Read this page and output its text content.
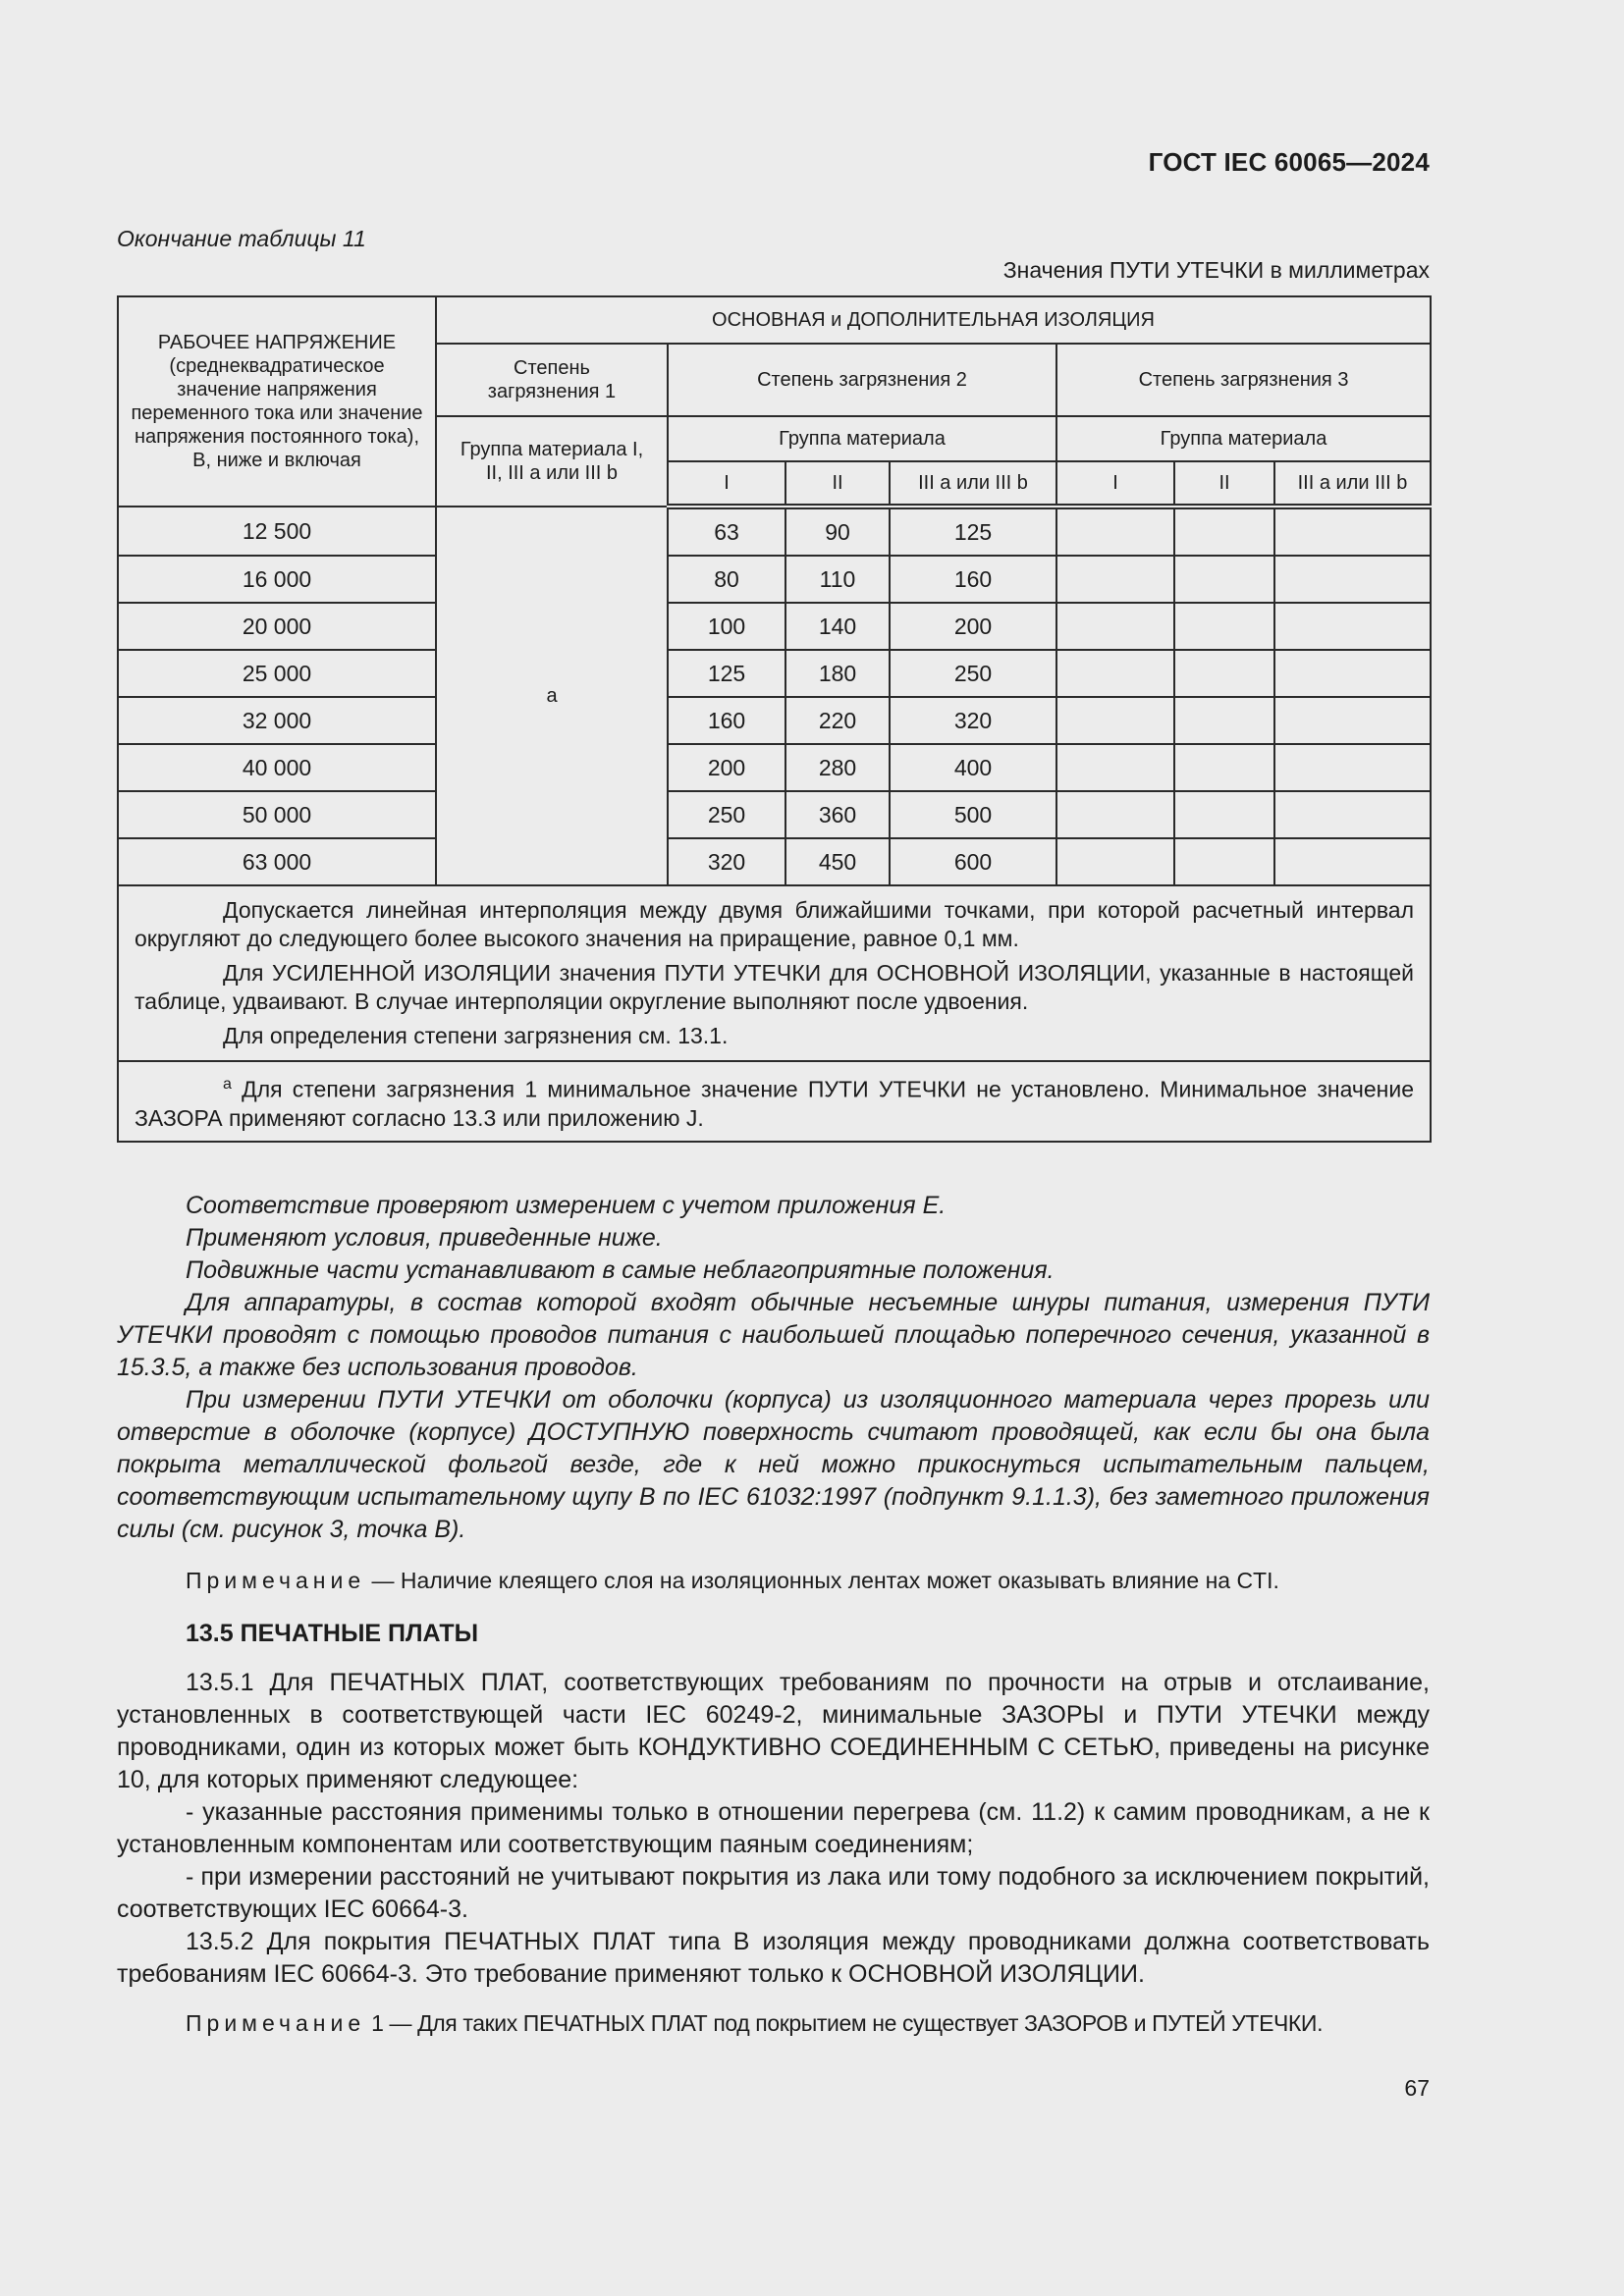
ГОСТ IEC 60065—2024
Окончание таблицы 11
Значения ПУТИ УТЕЧКИ в миллиметрах
РАБОЧЕЕ НАПРЯЖЕНИЕ (среднеквадратическое значение напряжения переменного тока или значение напряжения постоянного тока), В, ниже и включая	ОСНОВНАЯ и ДОПОЛНИТЕЛЬНАЯ ИЗОЛЯЦИЯ						
	Степень загрязнения 1	Степень загрязнения 2			Степень загрязнения 3		
	Группа материала I, II, III a или III b	Группа материала			Группа материала		
		I	II	III a или III b	I	II	III a или III b
12 500	a	63	90	125			
16 000		80	110	160			
20 000		100	140	200			
25 000		125	180	250			
32 000		160	220	320			
40 000		200	280	400			
50 000		250	360	500			
63 000		320	450	600			

Допускается линейная интерполяция между двумя ближайшими точками, при которой расчетный интервал округляют до следующего более высокого значения на приращение, равное 0,1 мм.

Для УСИЛЕННОЙ ИЗОЛЯЦИИ значения ПУТИ УТЕЧКИ для ОСНОВНОЙ ИЗОЛЯЦИИ, указанные в настоящей таблице, удваивают. В случае интерполяции округление выполняют после удвоения.

Для определения степени загрязнения см. 13.1.							

$^a$ Для степени загрязнения 1 минимальное значение ПУТИ УТЕЧКИ не установлено. Минимальное значение ЗАЗОРА применяют согласно 13.3 или приложению J.							

Соответствие проверяют измерением с учетом приложения Е.

Применяют условия, приведенные ниже.

Подвижные части устанавливают в самые неблагоприятные положения.

Для аппаратуры, в состав которой входят обычные несъемные шнуры питания, измерения ПУТИ УТЕЧКИ проводят с помощью проводов питания с наибольшей площадью поперечного сечения, указанной в 15.3.5, а также без использования проводов.

При измерении ПУТИ УТЕЧКИ от оболочки (корпуса) из изоляционного материала через прорезь или отверстие в оболочке (корпусе) ДОСТУПНУЮ поверхность считают проводящей, как если бы она была покрыта металлической фольгой везде, где к ней можно прикоснуться испытательным пальцем, соответствующим испытательному щупу В по IEC 61032:1997 (подпункт 9.1.1.3), без заметного приложения силы (см. рисунок 3, точка В).

Примечание — Наличие клеящего слоя на изоляционных лентах может оказывать влияние на CTI.
13.5 ПЕЧАТНЫЕ ПЛАТЫ

13.5.1 Для ПЕЧАТНЫХ ПЛАТ, соответствующих требованиям по прочности на отрыв и отслаивание, установленных в соответствующей части IEC 60249-2, минимальные ЗАЗОРЫ и ПУТИ УТЕЧКИ между проводниками, один из которых может быть КОНДУКТИВНО СОЕДИНЕННЫМ С СЕТЬЮ, приведены на рисунке 10, для которых применяют следующее:

- указанные расстояния применимы только в отношении перегрева (см. 11.2) к самим проводникам, а не к установленным компонентам или соответствующим паяным соединениям;

- при измерении расстояний не учитывают покрытия из лака или тому подобного за исключением покрытий, соответствующих IEC 60664-3.

13.5.2 Для покрытия ПЕЧАТНЫХ ПЛАТ типа В изоляция между проводниками должна соответствовать требованиям IEC 60664-3. Это требование применяют только к ОСНОВНОЙ ИЗОЛЯЦИИ.

Примечание 1 — Для таких ПЕЧАТНЫХ ПЛАТ под покрытием не существует ЗАЗОРОВ и ПУТЕЙ УТЕЧКИ.
67
